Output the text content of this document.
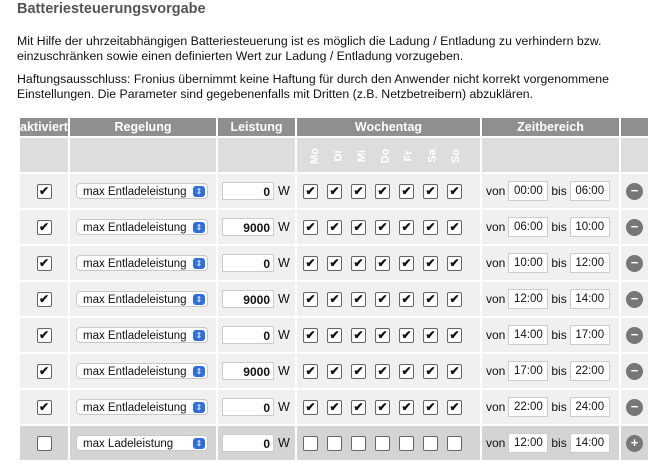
Batteriesteuerungsvorgabe
Mit Hilfe der uhrzeitabhängigen Batteriesteuerung ist es möglich die Ladung / Entladung zu verhindern bzw. einzuschränken sowie einen definierten Wert zur Ladung / Entladung vorzugeben.
Haftungsausschluss: Fronius übernimmt keine Haftung für durch den Anwender nicht korrekt vorgenommene Einstellungen. Die Parameter sind gegebenenfalls mit Dritten (z.B. Netzbetreibern) abzuklären.
aktiviert	Regelung	Leistung	Wochentag	Zeitbereich	
			Mo Di Mi Do Fr Sa So		
✔	max Entladeleistung ⇕	0 W	✔ ✔ ✔ ✔ ✔ ✔ ✔	von 00:00 bis 06:00	−
✔	max Entladeleistung ⇕	9000 W	✔ ✔ ✔ ✔ ✔ ✔ ✔	von 06:00 bis 10:00	−
✔	max Entladeleistung ⇕	0 W	✔ ✔ ✔ ✔ ✔ ✔ ✔	von 10:00 bis 12:00	−
✔	max Entladeleistung ⇕	9000 W	✔ ✔ ✔ ✔ ✔ ✔ ✔	von 12:00 bis 14:00	−
✔	max Entladeleistung ⇕	0 W	✔ ✔ ✔ ✔ ✔ ✔ ✔	von 14:00 bis 17:00	−
✔	max Entladeleistung ⇕	9000 W	✔ ✔ ✔ ✔ ✔ ✔ ✔	von 17:00 bis 22:00	−
✔	max Entladeleistung ⇕	0 W	✔ ✔ ✔ ✔ ✔ ✔ ✔	von 22:00 bis 24:00	−
	max Ladeleistung ⇕	0 W		von 12:00 bis 14:00	+
